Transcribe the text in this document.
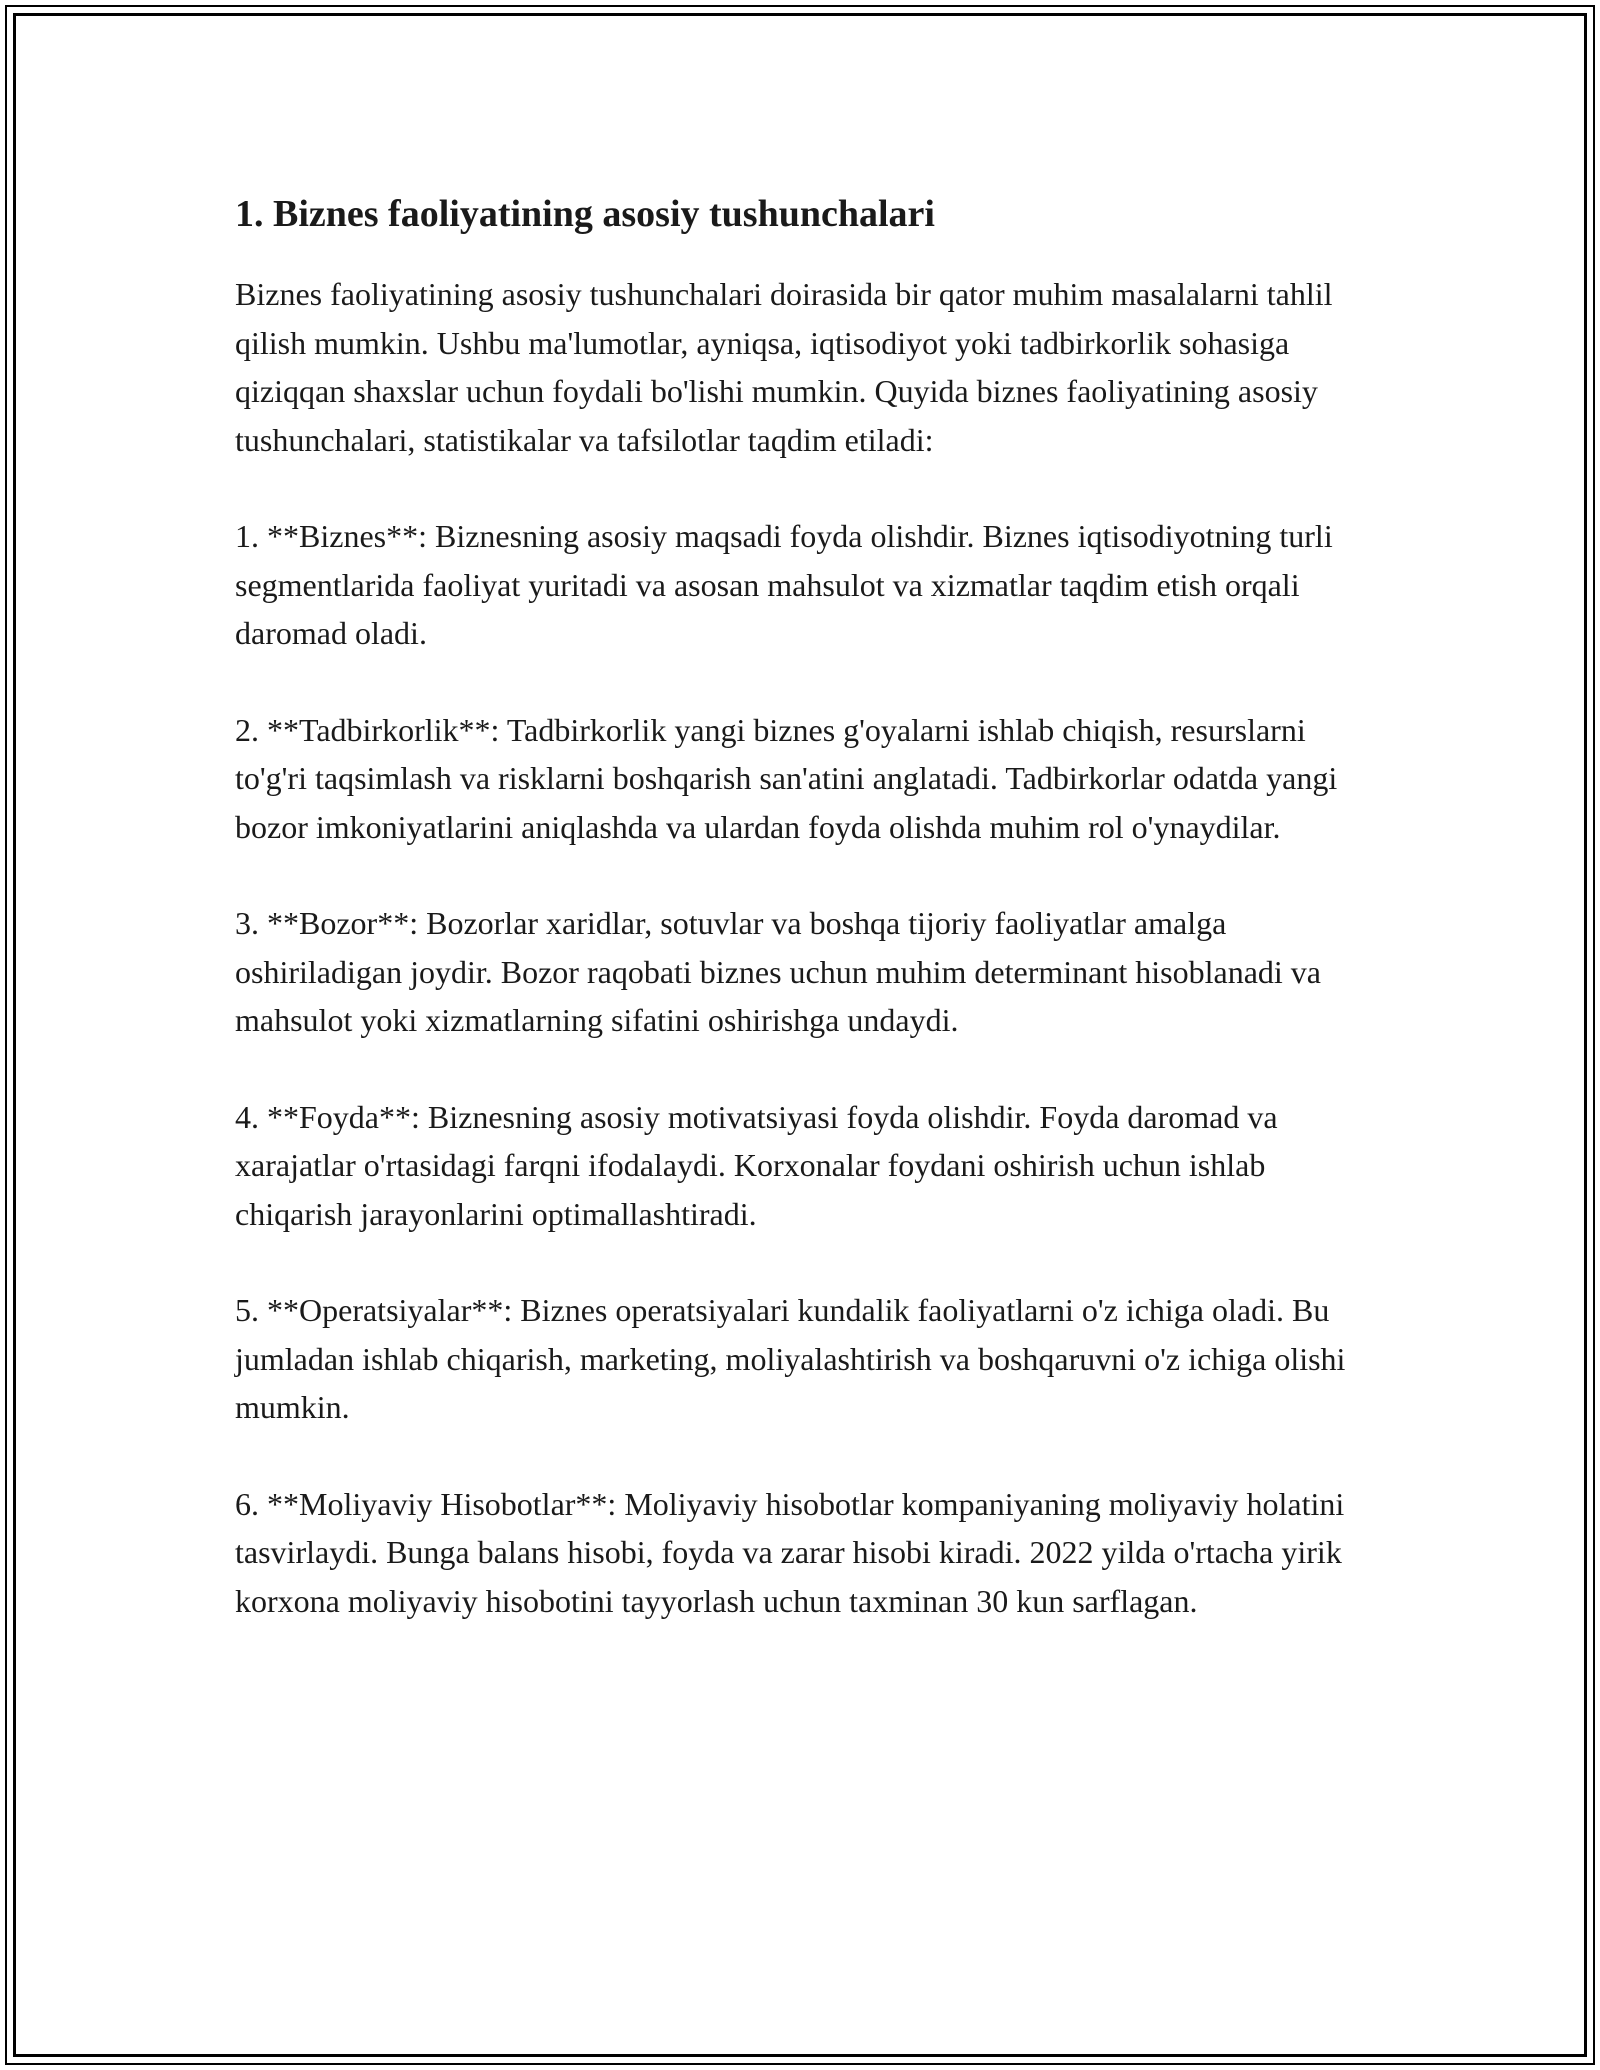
1. Biznes faoliyatining asosiy tushunchalari

Biznes faoliyatining asosiy tushunchalari doirasida bir qator muhim masalalarni tahlil qilish mumkin. Ushbu ma'lumotlar, ayniqsa, iqtisodiyot yoki tadbirkorlik sohasiga qiziqqan shaxslar uchun foydali bo'lishi mumkin. Quyida biznes faoliyatining asosiy tushunchalari, statistikalar va tafsilotlar taqdim etiladi:

1. **Biznes**: Biznesning asosiy maqsadi foyda olishdir. Biznes iqtisodiyotning turli segmentlarida faoliyat yuritadi va asosan mahsulot va xizmatlar taqdim etish orqali daromad oladi.

2. **Tadbirkorlik**: Tadbirkorlik yangi biznes g'oyalarni ishlab chiqish, resurslarni to'g'ri taqsimlash va risklarni boshqarish san'atini anglatadi. Tadbirkorlar odatda yangi bozor imkoniyatlarini aniqlashda va ulardan foyda olishda muhim rol o'ynaydilar.

3. **Bozor**: Bozorlar xaridlar, sotuvlar va boshqa tijoriy faoliyatlar amalga oshiriladigan joydir. Bozor raqobati biznes uchun muhim determinant hisoblanadi va mahsulot yoki xizmatlarning sifatini oshirishga undaydi.

4. **Foyda**: Biznesning asosiy motivatsiyasi foyda olishdir. Foyda daromad va xarajatlar o'rtasidagi farqni ifodalaydi. Korxonalar foydani oshirish uchun ishlab chiqarish jarayonlarini optimallashtiradi.

5. **Operatsiyalar**: Biznes operatsiyalari kundalik faoliyatlarni o'z ichiga oladi. Bu jumladan ishlab chiqarish, marketing, moliyalashtirish va boshqaruvni o'z ichiga olishi mumkin.

6. **Moliyaviy Hisobotlar**: Moliyaviy hisobotlar kompaniyaning moliyaviy holatini tasvirlaydi. Bunga balans hisobi, foyda va zarar hisobi kiradi. 2022 yilda o'rtacha yirik korxona moliyaviy hisobotini tayyorlash uchun taxminan 30 kun sarflagan.
